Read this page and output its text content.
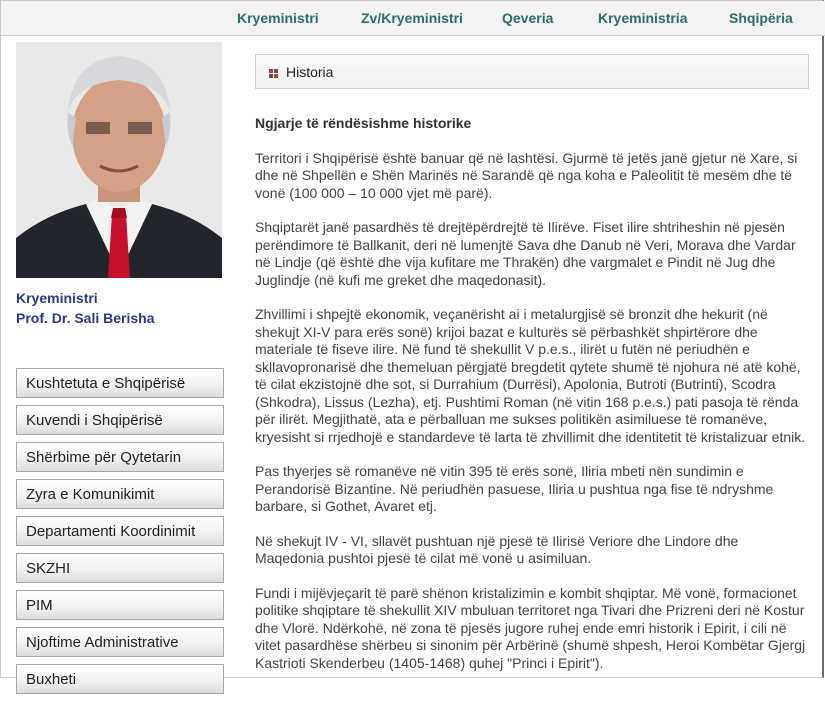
Kryeministri	Zv/Kryeministri	Qeveria	Kryeministria	Shqipëria
Kryeministri
Prof. Dr. Sali Berisha
Kushtetuta e Shqipërisë
Kuvendi i Shqipërisë
Shërbime për Qytetarin
Zyra e Komunikimit
Departamenti Koordinimit
SKZHI
PIM
Njoftime Administrative
Buxheti
Historia
Ngjarje të rëndësishme historike

Territori i Shqipërisë është banuar që në lashtësi. Gjurmë të jetës janë gjetur në Xare, si dhe në Shpellën e Shën Marinës në Sarandë që nga koha e Paleolitit të mesëm dhe të vonë (100 000 – 10 000 vjet më parë).

Shqiptarët janë pasardhës të drejtëpërdrejtë të Ilirëve. Fiset ilire shtriheshin në pjesën perëndimore të Ballkanit, deri në lumenjtë Sava dhe Danub në Veri, Morava dhe Vardar në Lindje (që është dhe vija kufitare me Thrakën) dhe vargmalet e Pindit në Jug dhe Juglindje (në kufi me greket dhe maqedonasit).

Zhvillimi i shpejtë ekonomik, veçanërisht ai i metalurgjisë së bronzit dhe hekurit (në shekujt XI-V para erës sonë) krijoi bazat e kulturës së përbashkët shpirtërore dhe materiale të fiseve ilire. Në fund të shekullit V p.e.s., ilirët u futën në periudhën e skllavopronarisë dhe themeluan përgjatë bregdetit qytete shumë të njohura në atë kohë, të cilat ekzistojnë dhe sot, si Durrahium (Durrësi), Apolonia, Butroti (Butrinti), Scodra (Shkodra), Lissus (Lezha), etj. Pushtimi Roman (në vitin 168 p.e.s.) pati pasoja të rënda për ilirët. Megjithatë, ata e përballuan me sukses politikën asimiluese të romanëve, kryesisht si rrjedhojë e standardeve të larta të zhvillimit dhe identitetit të kristalizuar etnik.

Pas thyerjes së romanëve në vitin 395 të erës sonë, Iliria mbeti nën sundimin e Perandorisë Bizantine. Në periudhën pasuese, Iliria u pushtua nga fise të ndryshme barbare, si Gothet, Avaret etj.

Në shekujt IV - VI, sllavët pushtuan një pjesë të Ilirisë Veriore dhe Lindore dhe Maqedonia pushtoi pjesë të cilat më vonë u asimiluan.

Fundi i mijëvjeçarit të parë shënon kristalizimin e kombit shqiptar. Më vonë, formacionet politike shqiptare të shekullit XIV mbuluan territoret nga Tivari dhe Prizreni deri në Kostur dhe Vlorë. Ndërkohë, në zona të pjesës jugore ruhej ende emri historik i Epirit, i cili në vitet pasardhëse shërbeu si sinonim për Arbërinë (shumë shpesh, Heroi Kombëtar Gjergj Kastrioti Skenderbeu (1405-1468) quhej "Princi i Epirit").
